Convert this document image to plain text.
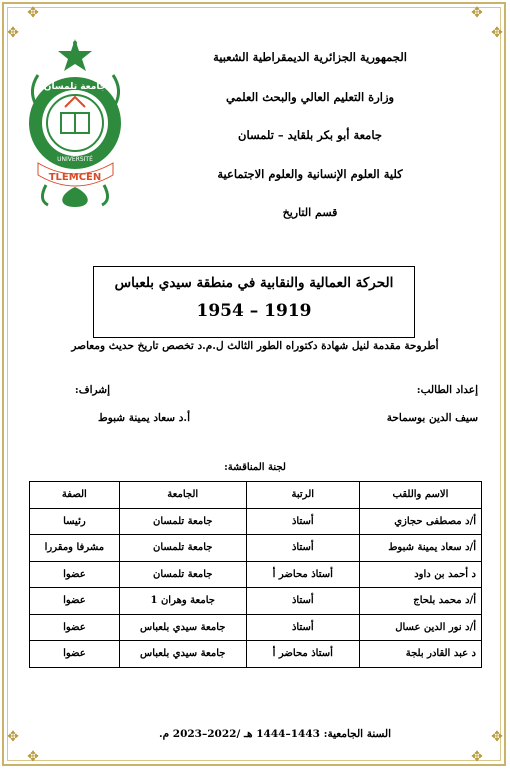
✥	✥
✥	✥
✥	✥
✥	✥
الجمهورية الجزائرية الديمقراطية الشعبية
وزارة التعليم العالي والبحث العلمي
جامعة أبو بكر بلقايد – تلمسان
كلية العلوم الإنسانية والعلوم الاجتماعية
قسم التاريخ
جامعة تلمسان
UNIVERSITÉ
TLEMCEN
الحركة العمالية والنقابية في منطقة سيدي بلعباس
1954 – 1919
أطروحة مقدمة لنيل شهادة دكتوراه الطور الثالث ل.م.د تخصص تاريخ حديث ومعاصر
إعداد الطالب:
سيف الدين بوسماحة
إشراف:
أ.د سعاد يمينة شبوط
لجنة المناقشة:
الاسم واللقب	الرتبة	الجامعة	الصفة
أ/د مصطفى حجازي	أستاذ	جامعة تلمسان	رئيسا
أ/د سعاد يمينة شبوط	أستاذ	جامعة تلمسان	مشرفا ومقررا
د أحمد بن داود	أستاذ محاضر أ	جامعة تلمسان	عضوا
أ/د محمد بلحاج	أستاذ	جامعة وهران 1	عضوا
أ/د نور الدين عسال	أستاذ	جامعة سيدي بلعباس	عضوا
د عبد القادر بلجة	أستاذ محاضر أ	جامعة سيدي بلعباس	عضوا
السنة الجامعية: 1443–1444 هـ /2022–2023 م.
